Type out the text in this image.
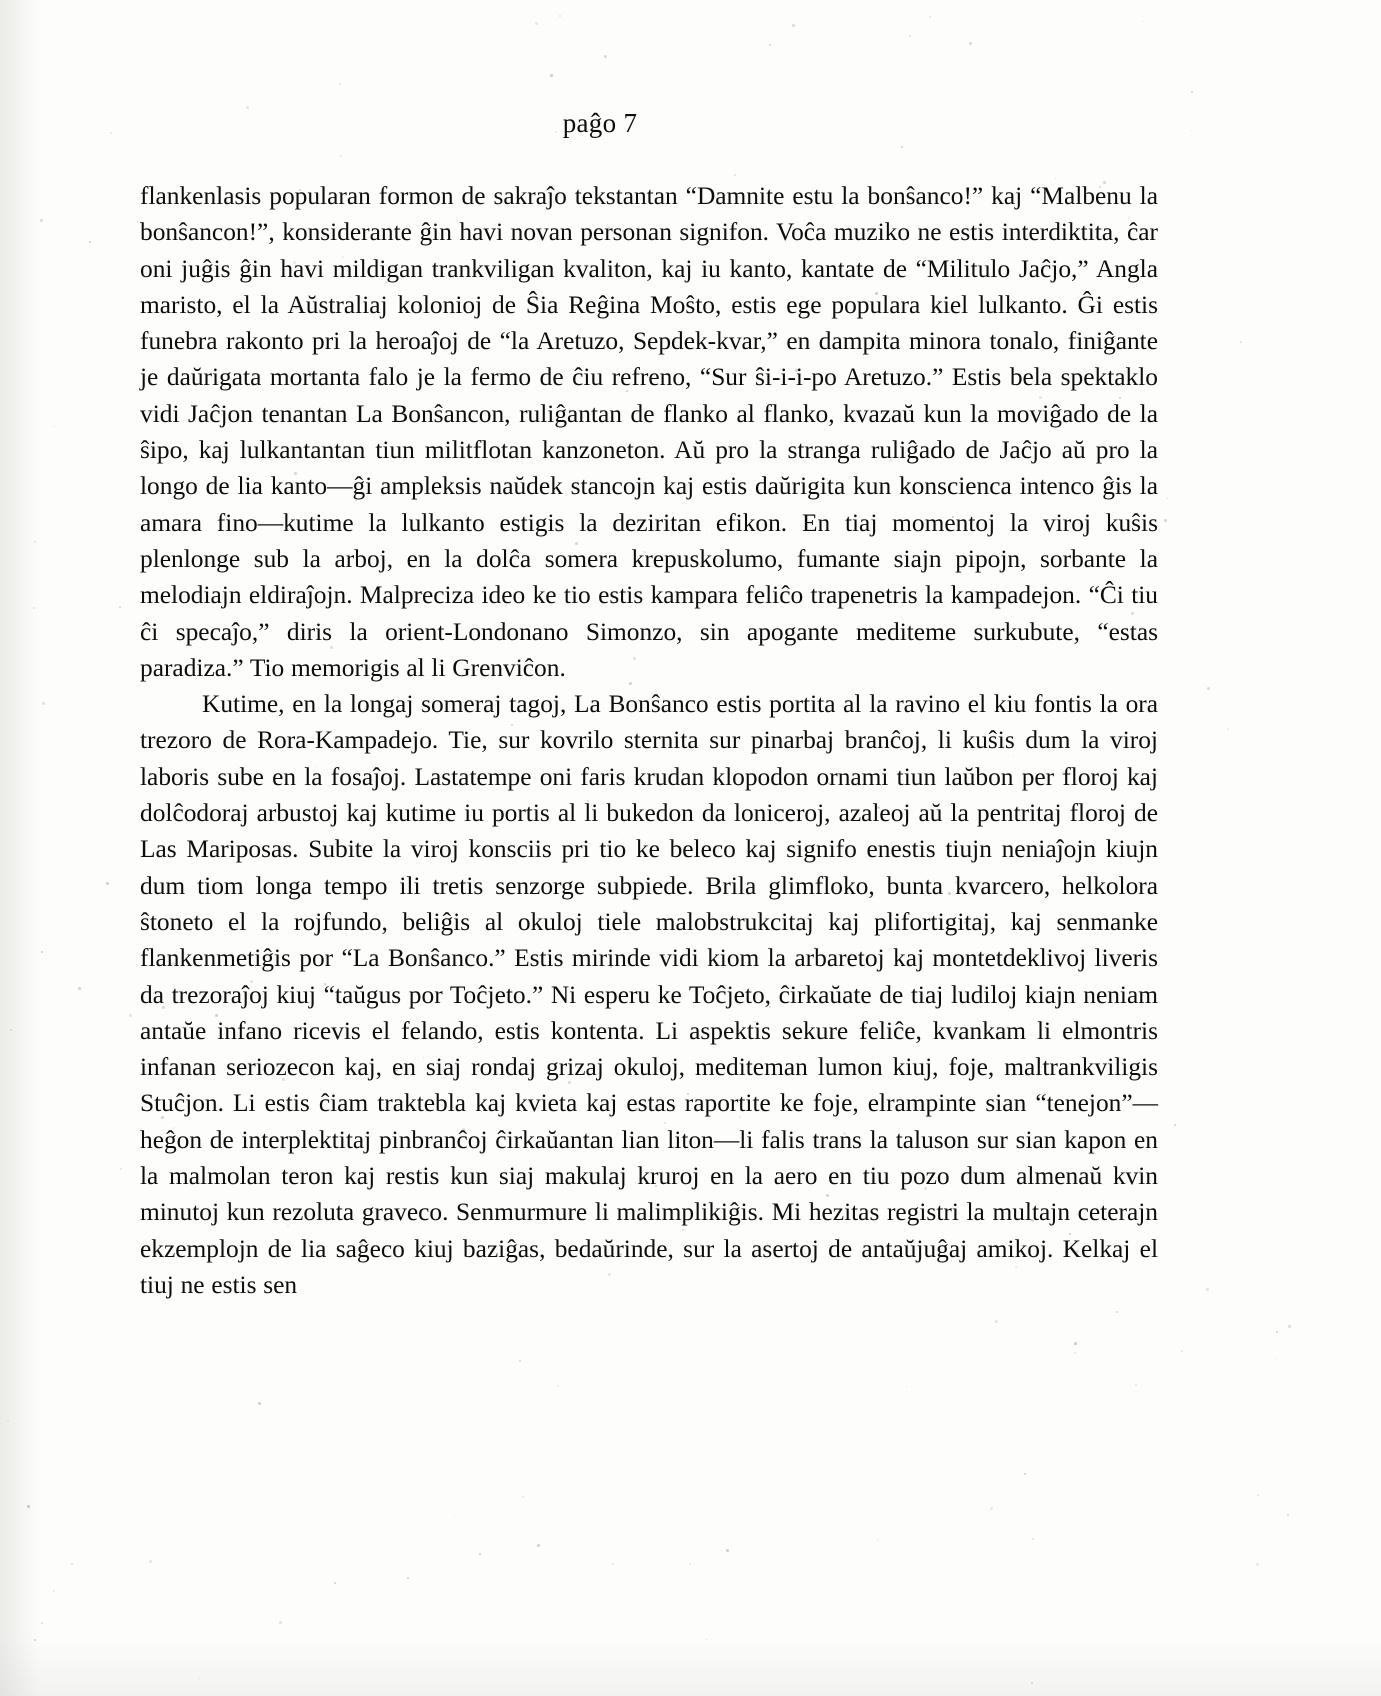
paĝo 7

flankenlasis popularan formon de sakraĵo tekstantan “Damnite estu la bonŝanco!” kaj “Malbenu la bonŝancon!”, konsiderante ĝin havi novan personan signifon. Voĉa muziko ne estis interdiktita, ĉar oni juĝis ĝin havi mildigan trankviligan kvaliton, kaj iu kanto, kantate de “Militulo Jaĉjo,” Angla maristo, el la Aŭstraliaj kolonioj de Ŝia Reĝina Moŝto, estis ege populara kiel lulkanto. Ĝi estis funebra rakonto pri la heroaĵoj de “la Aretuzo, Sepdek-kvar,” en dampita minora tonalo, finiĝante je daŭrigata mortanta falo je la fermo de ĉiu refreno, “Sur ŝi-i-i-po Aretuzo.” Estis bela spektaklo vidi Jaĉjon tenantan La Bonŝancon, ruliĝantan de flanko al flanko, kvazaŭ kun la moviĝado de la ŝipo, kaj lulkantantan tiun militflotan kanzoneton. Aŭ pro la stranga ruliĝado de Jaĉjo aŭ pro la longo de lia kanto—ĝi ampleksis naŭdek stancojn kaj estis daŭrigita kun konscienca intenco ĝis la amara fino—kutime la lulkanto estigis la deziritan efikon. En tiaj momentoj la viroj kuŝis plenlonge sub la arboj, en la dolĉa somera krepuskolumo, fumante siajn pipojn, sorbante la melodiajn eldiraĵojn. Malpreciza ideo ke tio estis kampara feliĉo trapenetris la kampadejon. “Ĉi tiu ĉi specaĵo,” diris la orient-Londonano Simonzo, sin apogante mediteme surkubute, “estas paradiza.” Tio memorigis al li Grenviĉon.

Kutime, en la longaj someraj tagoj, La Bonŝanco estis portita al la ravino el kiu fontis la ora trezoro de Rora-Kampadejo. Tie, sur kovrilo sternita sur pinarbaj branĉoj, li kuŝis dum la viroj laboris sube en la fosaĵoj. Lastatempe oni faris krudan klopodon ornami tiun laŭbon per floroj kaj dolĉodoraj arbustoj kaj kutime iu portis al li bukedon da loniceroj, azaleoj aŭ la pentritaj floroj de Las Mariposas. Subite la viroj konsciis pri tio ke beleco kaj signifo enestis tiujn neniaĵojn kiujn dum tiom longa tempo ili tretis senzorge subpiede. Brila glimfloko, bunta kvarcero, helkolora ŝtoneto el la rojfundo, beliĝis al okuloj tiele malobstrukcitaj kaj plifortigitaj, kaj senmanke flankenmetiĝis por “La Bonŝanco.” Estis mirinde vidi kiom la arbaretoj kaj montetdeklivoj liveris da trezoraĵoj kiuj “taŭgus por Toĉjeto.” Ni esperu ke Toĉjeto, ĉirkaŭate de tiaj ludiloj kiajn neniam antaŭe infano ricevis el felando, estis kontenta. Li aspektis sekure feliĉe, kvankam li elmontris infanan seriozecon kaj, en siaj rondaj grizaj okuloj, mediteman lumon kiuj, foje, maltrankviligis Stuĉjon. Li estis ĉiam traktebla kaj kvieta kaj estas raportite ke foje, elrampinte sian “tenejon”—heĝon de interplektitaj pinbranĉoj ĉirkaŭantan lian liton—li falis trans la taluson sur sian kapon en la malmolan teron kaj restis kun siaj makulaj kruroj en la aero en tiu pozo dum almenaŭ kvin minutoj kun rezoluta graveco. Senmurmure li malimplikiĝis. Mi hezitas registri la multajn ceterajn ekzemplojn de lia saĝeco kiuj baziĝas, bedaŭrinde, sur la asertoj de antaŭjuĝaj amikoj. Kelkaj el tiuj ne estis sen
